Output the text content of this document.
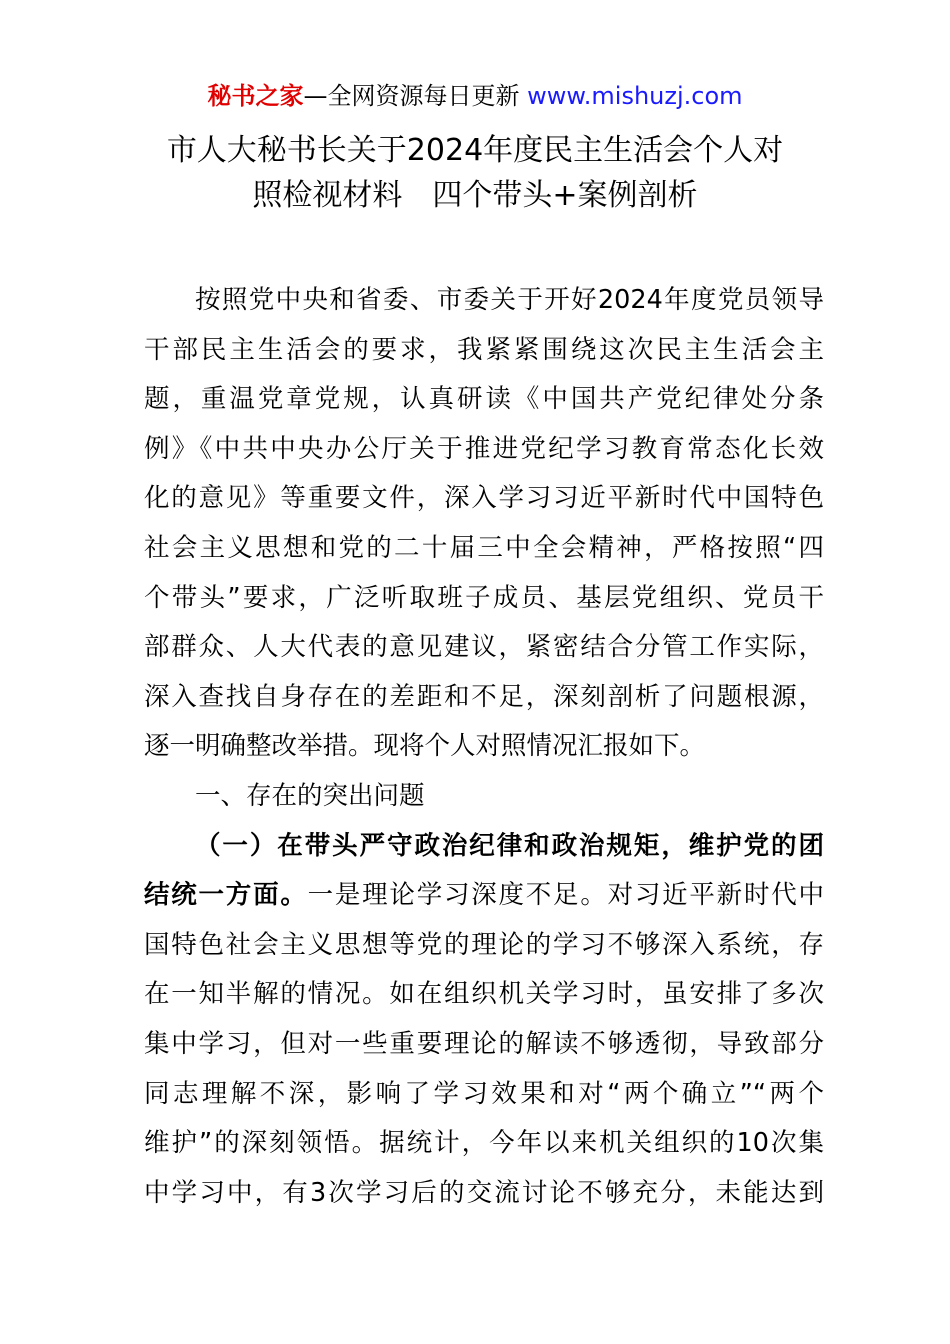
秘书之家—全网资源每日更新 www.mishuzj.com
市人大秘书长关于2024年度民主生活会个人对
照检视材料　四个带头+案例剖析
按照党中央和省委、市委关于开好2024年度党员领导
干部民主生活会的要求，我紧紧围绕这次民主生活会主
题，重温党章党规，认真研读《中国共产党纪律处分条
例》《中共中央办公厅关于推进党纪学习教育常态化长效
化的意见》等重要文件，深入学习习近平新时代中国特色
社会主义思想和党的二十届三中全会精神，严格按照“四
个带头”要求，广泛听取班子成员、基层党组织、党员干
部群众、人大代表的意见建议，紧密结合分管工作实际，
深入查找自身存在的差距和不足，深刻剖析了问题根源，
逐一明确整改举措。现将个人对照情况汇报如下。
一、存在的突出问题
（一）在带头严守政治纪律和政治规矩，维护党的团
结统一方面。一是理论学习深度不足。对习近平新时代中
国特色社会主义思想等党的理论的学习不够深入系统，存
在一知半解的情况。如在组织机关学习时，虽安排了多次
集中学习，但对一些重要理论的解读不够透彻，导致部分
同志理解不深，影响了学习效果和对“两个确立”“两个
维护”的深刻领悟。据统计，今年以来机关组织的10次集
中学习中，有3次学习后的交流讨论不够充分，未能达到
